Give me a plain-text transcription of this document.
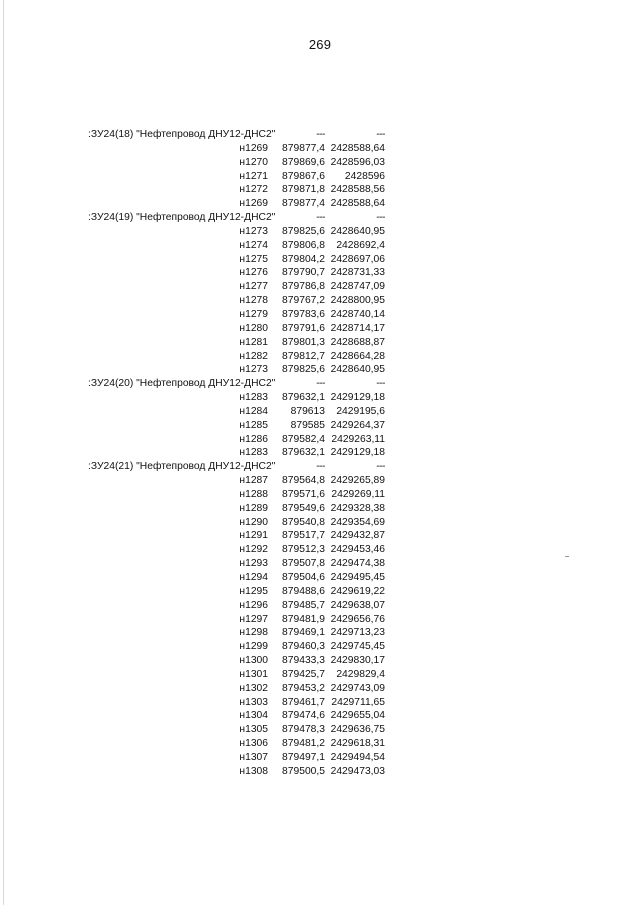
269
:ЗУ24(18) "Нефтепровод ДНУ12-ДНС2"	---	---
н1269	879877,4 2428588,64
н1270	879869,6 2428596,03
н1271	879867,6	2428596
н1272	879871,8 2428588,56
н1269	879877,4 2428588,64
:ЗУ24(19) "Нефтепровод ДНУ12-ДНС2"	---	---
н1273	879825,6 2428640,95
н1274	879806,8	2428692,4
н1275	879804,2 2428697,06
н1276	879790,7 2428731,33
н1277	879786,8 2428747,09
н1278	879767,2 2428800,95
н1279	879783,6 2428740,14
н1280	879791,6 2428714,17
н1281	879801,3 2428688,87
н1282	879812,7 2428664,28
н1273	879825,6 2428640,95
:ЗУ24(20) "Нефтепровод ДНУ12-ДНС2"	---	---
н1283	879632,1 2429129,18
н1284	879613	2429195,6
н1285	879585 2429264,37
н1286	879582,4 2429263,11
н1283	879632,1 2429129,18
:ЗУ24(21) "Нефтепровод ДНУ12-ДНС2"	---	---
н1287	879564,8 2429265,89
н1288	879571,6 2429269,11
н1289	879549,6 2429328,38
н1290	879540,8 2429354,69
н1291	879517,7 2429432,87
н1292	879512,3 2429453,46
н1293	879507,8 2429474,38
н1294	879504,6 2429495,45
н1295	879488,6 2429619,22
н1296	879485,7 2429638,07
н1297	879481,9 2429656,76
н1298	879469,1 2429713,23
н1299	879460,3 2429745,45
н1300	879433,3 2429830,17
н1301	879425,7	2429829,4
н1302	879453,2 2429743,09
н1303	879461,7 2429711,65
н1304	879474,6 2429655,04
н1305	879478,3 2429636,75
н1306	879481,2 2429618,31
н1307	879497,1 2429494,54
н1308	879500,5 2429473,03
